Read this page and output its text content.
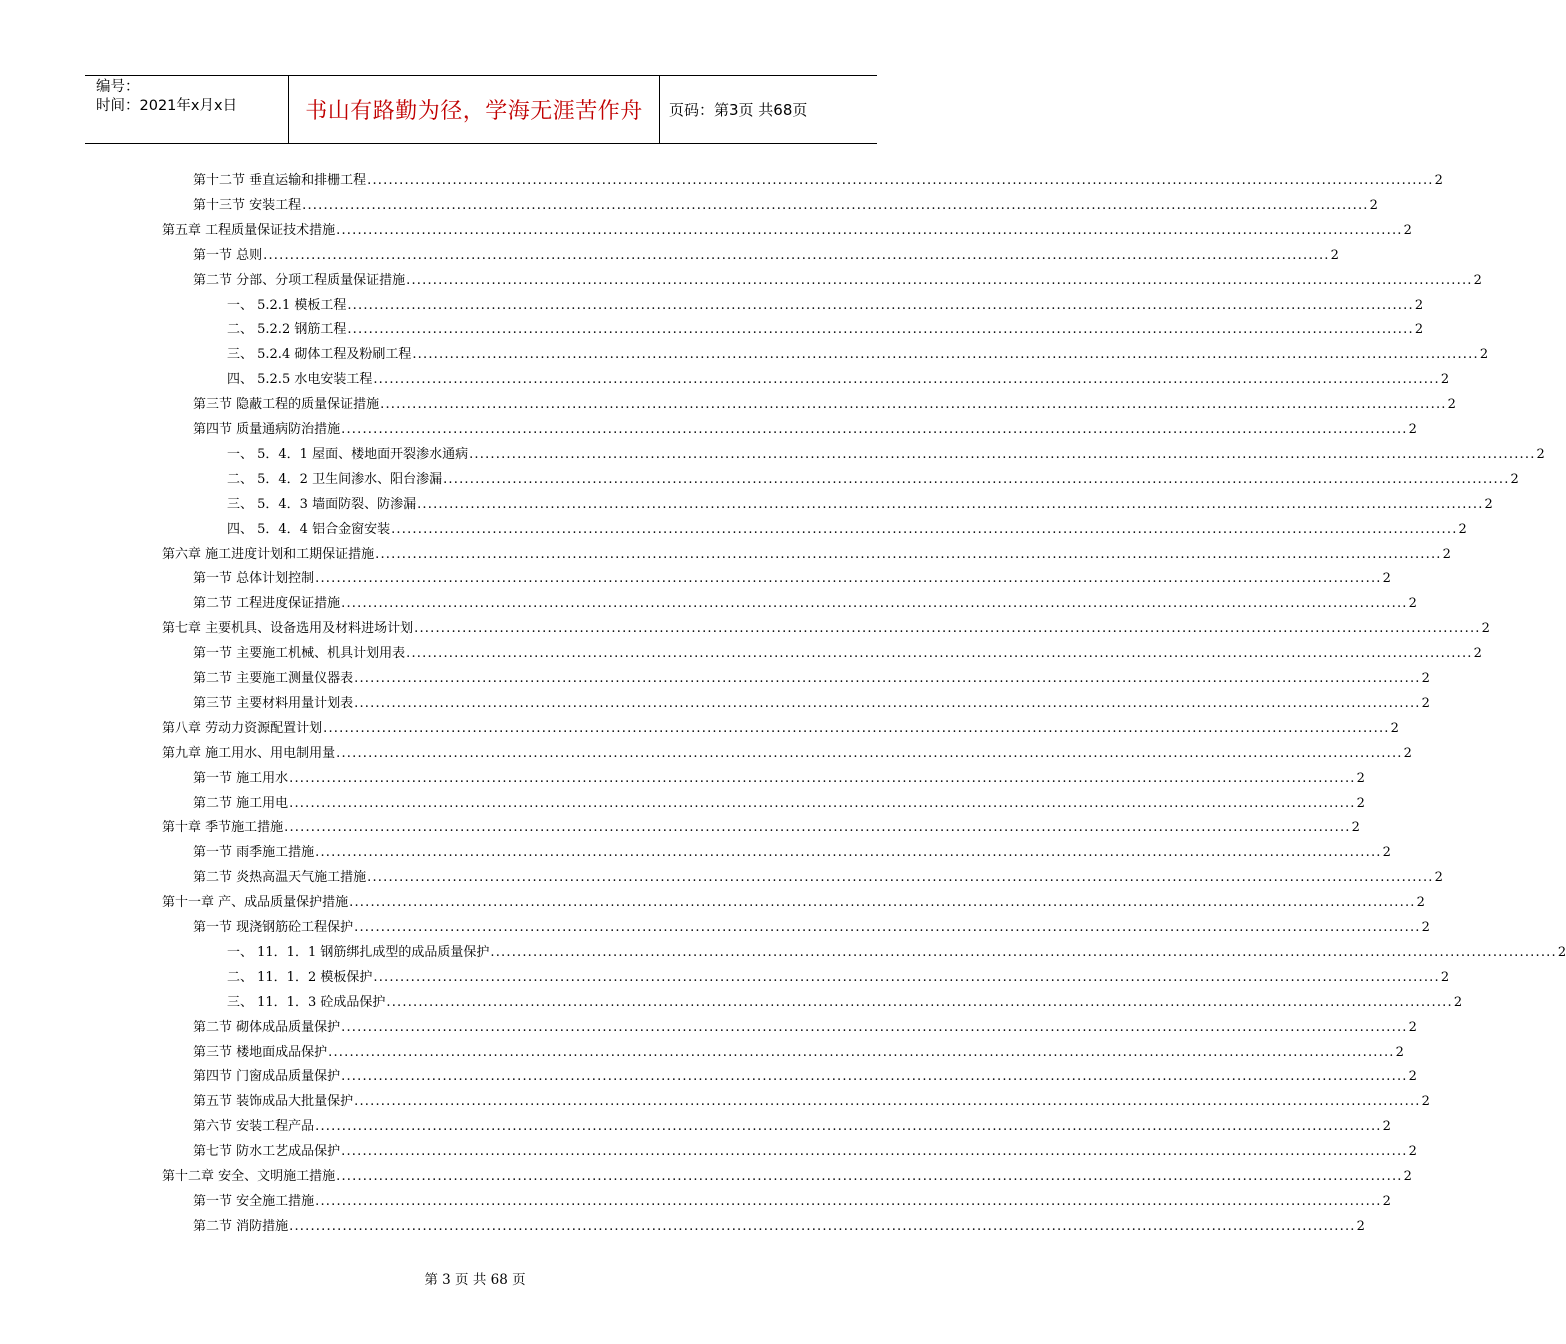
编号：
时间：2021年x月x日	书山有路勤为径，学海无涯苦作舟 页码：第3页 共68页
第十二节 垂直运输和排栅工程 ........................................................................................................................................................................................................ 2
第十三节 安装工程 ........................................................................................................................................................................................................ 2
第五章 工程质量保证技术措施 ........................................................................................................................................................................................................ 2
第一节 总则 ........................................................................................................................................................................................................ 2
第二节 分部、分项工程质量保证措施 ........................................................................................................................................................................................................ 2
一、 5.2.1 模板工程 ........................................................................................................................................................................................................ 2
二、 5.2.2 钢筋工程 ........................................................................................................................................................................................................ 2
三、 5.2.4 砌体工程及粉刷工程 ........................................................................................................................................................................................................ 2
四、 5.2.5 水电安装工程 ........................................................................................................................................................................................................ 2
第三节 隐蔽工程的质量保证措施 ........................................................................................................................................................................................................ 2
第四节 质量通病防治措施 ........................................................................................................................................................................................................ 2
一、 5．4．1 屋面、楼地面开裂渗水通病 ........................................................................................................................................................................................................ 2
二、 5．4．2 卫生间渗水、阳台渗漏 ........................................................................................................................................................................................................ 2
三、 5．4．3 墙面防裂、防渗漏 ........................................................................................................................................................................................................ 2
四、 5．4．4 铝合金窗安装 ........................................................................................................................................................................................................ 2
第六章 施工进度计划和工期保证措施 ........................................................................................................................................................................................................ 2
第一节 总体计划控制 ........................................................................................................................................................................................................ 2
第二节 工程进度保证措施 ........................................................................................................................................................................................................ 2
第七章 主要机具、设备选用及材料进场计划 ........................................................................................................................................................................................................ 2
第一节 主要施工机械、机具计划用表 ........................................................................................................................................................................................................ 2
第二节 主要施工测量仪器表 ........................................................................................................................................................................................................ 2
第三节 主要材料用量计划表 ........................................................................................................................................................................................................ 2
第八章 劳动力资源配置计划 ........................................................................................................................................................................................................ 2
第九章 施工用水、用电制用量 ........................................................................................................................................................................................................ 2
第一节 施工用水 ........................................................................................................................................................................................................ 2
第二节 施工用电 ........................................................................................................................................................................................................ 2
第十章 季节施工措施 ........................................................................................................................................................................................................ 2
第一节 雨季施工措施 ........................................................................................................................................................................................................ 2
第二节 炎热高温天气施工措施 ........................................................................................................................................................................................................ 2
第十一章 产、成品质量保护措施 ........................................................................................................................................................................................................ 2
第一节 现浇钢筋砼工程保护 ........................................................................................................................................................................................................ 2
一、 11．1．1 钢筋绑扎成型的成品质量保护 ........................................................................................................................................................................................................ 2
二、 11．1．2 模板保护 ........................................................................................................................................................................................................ 2
三、 11．1．3 砼成品保护 ........................................................................................................................................................................................................ 2
第二节 砌体成品质量保护 ........................................................................................................................................................................................................ 2
第三节 楼地面成品保护 ........................................................................................................................................................................................................ 2
第四节 门窗成品质量保护 ........................................................................................................................................................................................................ 2
第五节 装饰成品大批量保护 ........................................................................................................................................................................................................ 2
第六节 安装工程产品 ........................................................................................................................................................................................................ 2
第七节 防水工艺成品保护 ........................................................................................................................................................................................................ 2
第十二章 安全、文明施工措施 ........................................................................................................................................................................................................ 2
第一节 安全施工措施 ........................................................................................................................................................................................................ 2
第二节 消防措施 ........................................................................................................................................................................................................ 2
第 3 页 共 68 页
